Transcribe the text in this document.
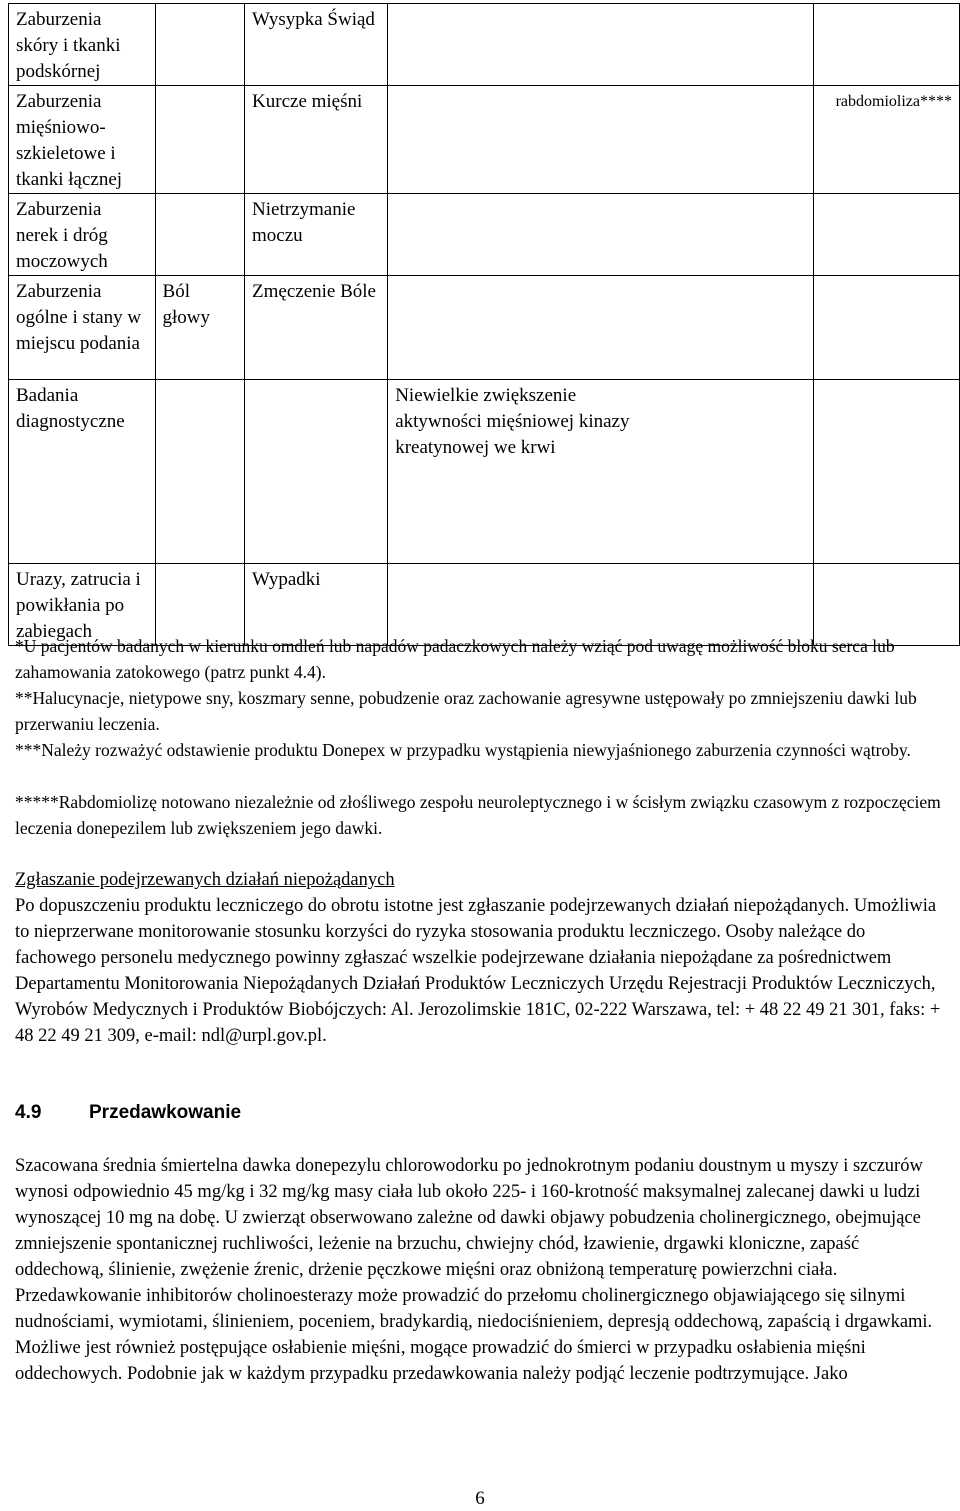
Zaburzenia skóry i tkanki podskórnej		Wysypka Świąd		
Zaburzenia mięśniowo-szkieletowe i tkanki łącznej		Kurcze mięśni		rabdomioliza****
Zaburzenia nerek i dróg moczowych		Nietrzymanie moczu		
Zaburzenia ogólne i stany w miejscu podania	Ból głowy	Zmęczenie Bóle		
Badania diagnostyczne			Niewielkie zwiększenie aktywności mięśniowej kinazy kreatynowej we krwi	
Urazy, zatrucia i powikłania po zabiegach		Wypadki		

*U pacjentów badanych w kierunku omdleń lub napadów padaczkowych należy wziąć pod uwagę możliwość bloku serca lub zahamowania zatokowego (patrz punkt 4.4).

**Halucynacje, nietypowe sny, koszmary senne, pobudzenie oraz zachowanie agresywne ustępowały po zmniejszeniu dawki lub przerwaniu leczenia.

***Należy rozważyć odstawienie produktu Donepex w przypadku wystąpienia niewyjaśnionego zaburzenia czynności wątroby.

*****Rabdomiolizę notowano niezależnie od złośliwego zespołu neuroleptycznego i w ścisłym związku czasowym z rozpoczęciem leczenia donepezilem lub zwiększeniem jego dawki.

Zgłaszanie podejrzewanych działań niepożądanych

Po dopuszczeniu produktu leczniczego do obrotu istotne jest zgłaszanie podejrzewanych działań niepożądanych. Umożliwia to nieprzerwane monitorowanie stosunku korzyści do ryzyka stosowania produktu leczniczego. Osoby należące do fachowego personelu medycznego powinny zgłaszać wszelkie podejrzewane działania niepożądane za pośrednictwem Departamentu Monitorowania Niepożądanych Działań Produktów Leczniczych Urzędu Rejestracji Produktów Leczniczych, Wyrobów Medycznych i Produktów Biobójczych: Al. Jerozolimskie 181C, 02-222 Warszawa, tel: + 48 22 49 21 301, faks: + 48 22 49 21 309, e-mail: ndl@urpl.gov.pl.

4.9	Przedawkowanie

Szacowana średnia śmiertelna dawka donepezylu chlorowodorku po jednokrotnym podaniu doustnym u myszy i szczurów wynosi odpowiednio 45 mg/kg i 32 mg/kg masy ciała lub około 225- i 160-krotność maksymalnej zalecanej dawki u ludzi wynoszącej 10 mg na dobę. U zwierząt obserwowano zależne od dawki objawy pobudzenia cholinergicznego, obejmujące zmniejszenie spontanicznej ruchliwości, leżenie na brzuchu, chwiejny chód, łzawienie, drgawki kloniczne, zapaść oddechową, ślinienie, zwężenie źrenic, drżenie pęczkowe mięśni oraz obniżoną temperaturę powierzchni ciała. Przedawkowanie inhibitorów cholinoesterazy może prowadzić do przełomu cholinergicznego objawiającego się silnymi nudnościami, wymiotami, ślinieniem, poceniem, bradykardią, niedociśnieniem, depresją oddechową, zapaścią i drgawkami. Możliwe jest również postępujące osłabienie mięśni, mogące prowadzić do śmierci w przypadku osłabienia mięśni oddechowych. Podobnie jak w każdym przypadku przedawkowania należy podjąć leczenie podtrzymujące. Jako

6
